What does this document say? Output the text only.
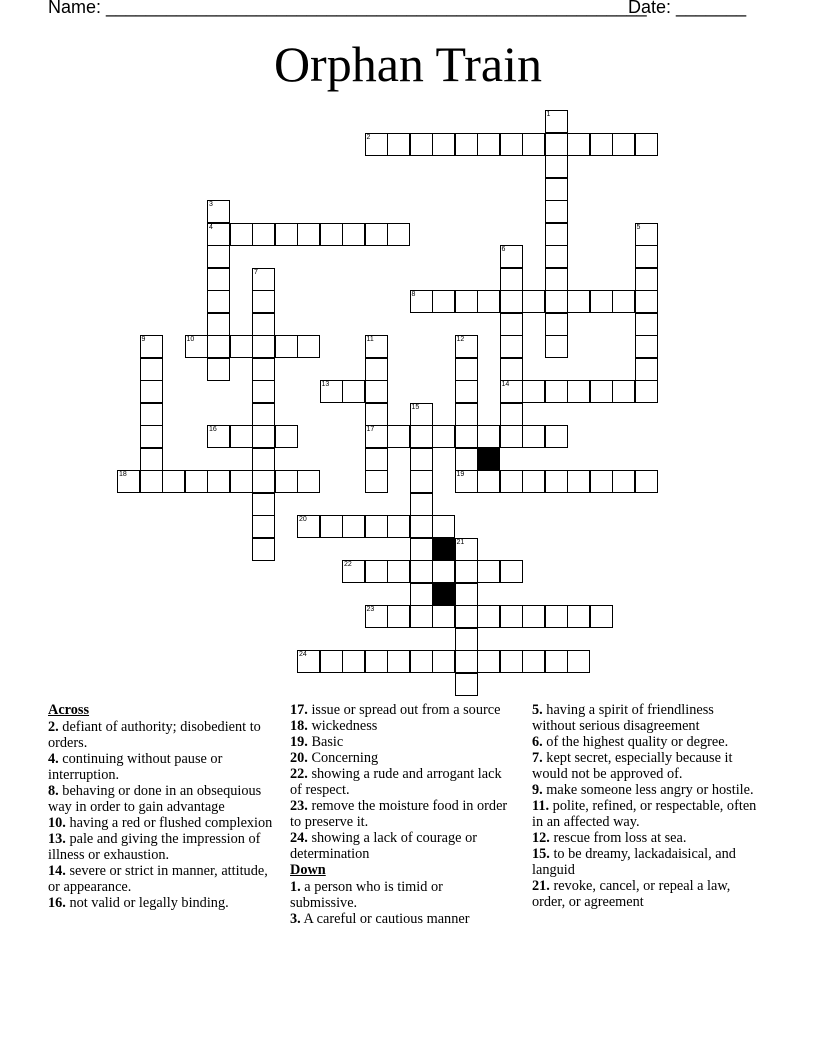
Name: ______________________________________________________
Date: _______
Orphan Train
2
4
8
10
13	14
16	17
18	19
20
22
23
24
1
3
5
6
7
9	11	12
15
21
Across
2. defiant of authority; disobedient to orders.
4. continuing without pause or interruption.
8. behaving or done in an obsequious way in order to gain advantage
10. having a red or flushed complexion
13. pale and giving the impression of illness or exhaustion.
14. severe or strict in manner, attitude, or appearance.
16. not valid or legally binding.
17. issue or spread out from a source
18. wickedness
19. Basic
20. Concerning
22. showing a rude and arrogant lack of respect.
23. remove the moisture food in order to preserve it.
24. showing a lack of courage or determination
Down
1. a person who is timid or submissive.
3. A careful or cautious manner
5. having a spirit of friendliness without serious disagreement
6. of the highest quality or degree.
7. kept secret, especially because it would not be approved of.
9. make someone less angry or hostile.
11. polite, refined, or respectable, often in an affected way.
12. rescue from loss at sea.
15. to be dreamy, lackadaisical, and languid
21. revoke, cancel, or repeal a law, order, or agreement
